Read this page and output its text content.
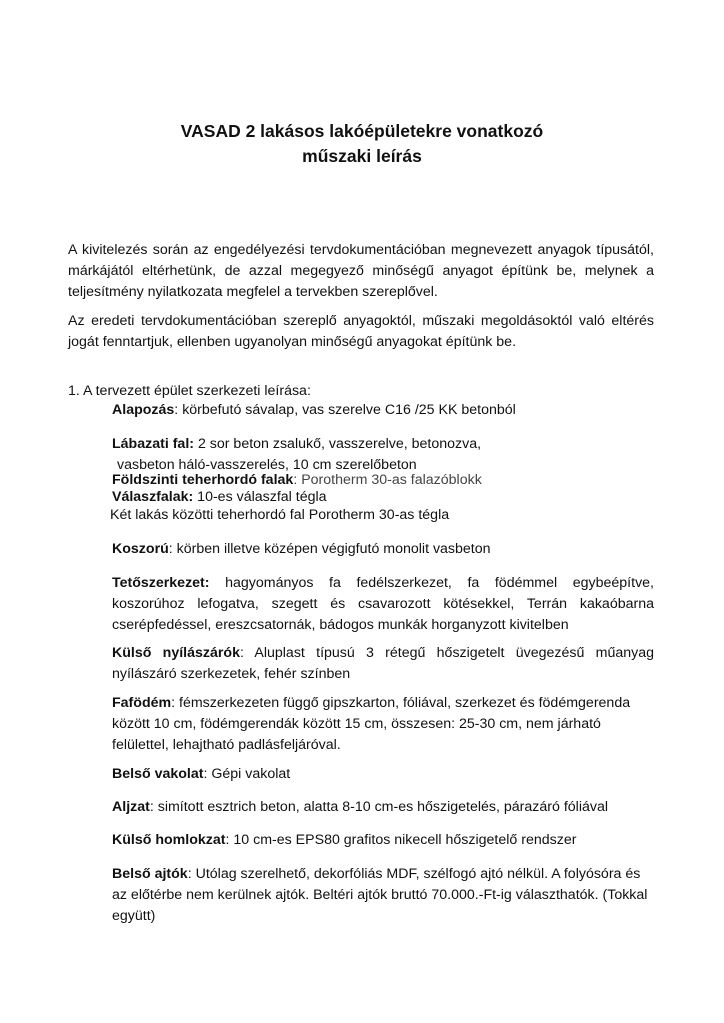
VASAD 2 lakásos lakóépületekre vonatkozó
műszaki leírás

A kivitelezés során az engedélyezési tervdokumentációban megnevezett anyagok típusától, márkájától eltérhetünk, de azzal megegyező minőségű anyagot építünk be, melynek a teljesítmény nyilatkozata megfelel a tervekben szereplővel.

Az eredeti tervdokumentációban szereplő anyagoktól, műszaki megoldásoktól való eltérés jogát fenntartjuk, ellenben ugyanolyan minőségű anyagokat építünk be.

1. A tervezett épület szerkezeti leírása:

Alapozás: körbefutó sávalap, vas szerelve C16 /25 KK betonból

Lábazati fal: 2 sor beton zsalukő, vasszerelve, betonozva,
vasbeton háló-vasszerelés, 10 cm szerelőbeton

Földszinti teherhordó falak: Porotherm 30-as falazóblokk

Válaszfalak: 10-es válaszfal tégla

Két lakás közötti teherhordó fal Porotherm 30-as tégla

Koszorú: körben illetve középen végigfutó monolit vasbeton

Tetőszerkezet: hagyományos fa fedélszerkezet, fa födémmel egybeépítve, koszorúhoz lefogatva, szegett és csavarozott kötésekkel, Terrán kakaóbarna cserépfedéssel, ereszcsatornák, bádogos munkák horganyzott kivitelben

Külső nyílászárók: Aluplast típusú 3 rétegű hőszigetelt üvegezésű műanyag nyílászáró szerkezetek, fehér színben

Fafödém: fémszerkezeten függő gipszkarton, fóliával, szerkezet és födémgerenda között 10 cm, födémgerendák között 15 cm, összesen: 25-30 cm, nem járható felülettel, lehajtható padlásfeljáróval.

Belső vakolat: Gépi vakolat

Aljzat: simított esztrich beton, alatta 8-10 cm-es hőszigetelés, párazáró fóliával

Külső homlokzat: 10 cm-es EPS80 grafitos nikecell hőszigetelő rendszer

Belső ajtók: Utólag szerelhető, dekorfóliás MDF, szélfogó ajtó nélkül. A folyósóra és az előtérbe nem kerülnek ajtók. Beltéri ajtók bruttó 70.000.-Ft-ig választhatók. (Tokkal együtt)
